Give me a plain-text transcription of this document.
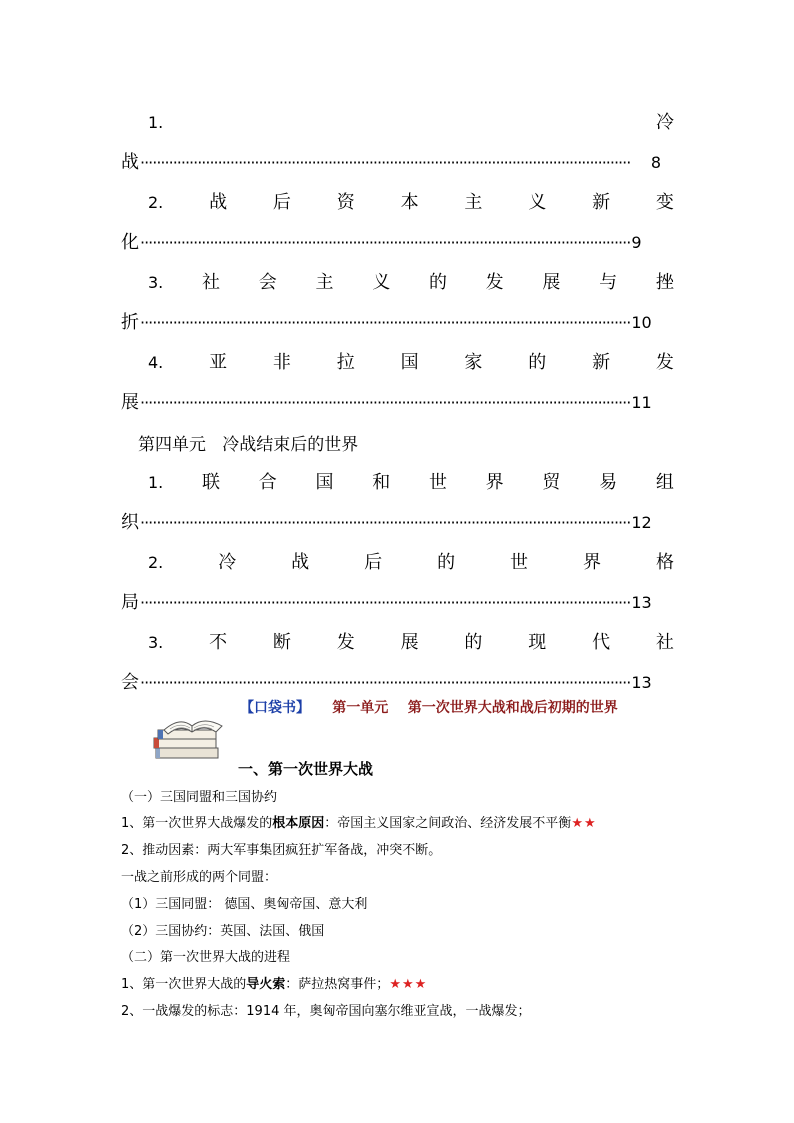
1.	冷
战 ························································································································	8
2.	战	后	资	本	主	义	新	变
化 ························································································································ 9
3. 社 会 主 义 的 发 展 与 挫
折 ························································································································ 10
4.	亚	非	拉	国	家	的	新	发
展 ························································································································ 11
1. 联 合 国 和 世 界 贸 易 组
织 ························································································································ 12
2.	冷	战	后	的	世	界	格
局 ························································································································ 13
3.	不	断	发	展	的	现	代	社
会 ························································································································ 13
第四单元   冷战结束后的世界
【口袋书】 第一单元    第一次世界大战和战后初期的世界
一、第一次世界大战
（一）三国同盟和三国协约
1、第一次世界大战爆发的根本原因：帝国主义国家之间政治、经济发展不平衡★★
2、推动因素：两大军事集团疯狂扩军备战，冲突不断。
一战之前形成的两个同盟：
（1）三国同盟： 德国、奥匈帝国、意大利
（2）三国协约：英国、法国、俄国
（二）第一次世界大战的进程
1、第一次世界大战的导火索：萨拉热窝事件；★★★
2、一战爆发的标志：1914 年，奥匈帝国向塞尔维亚宣战，一战爆发；
